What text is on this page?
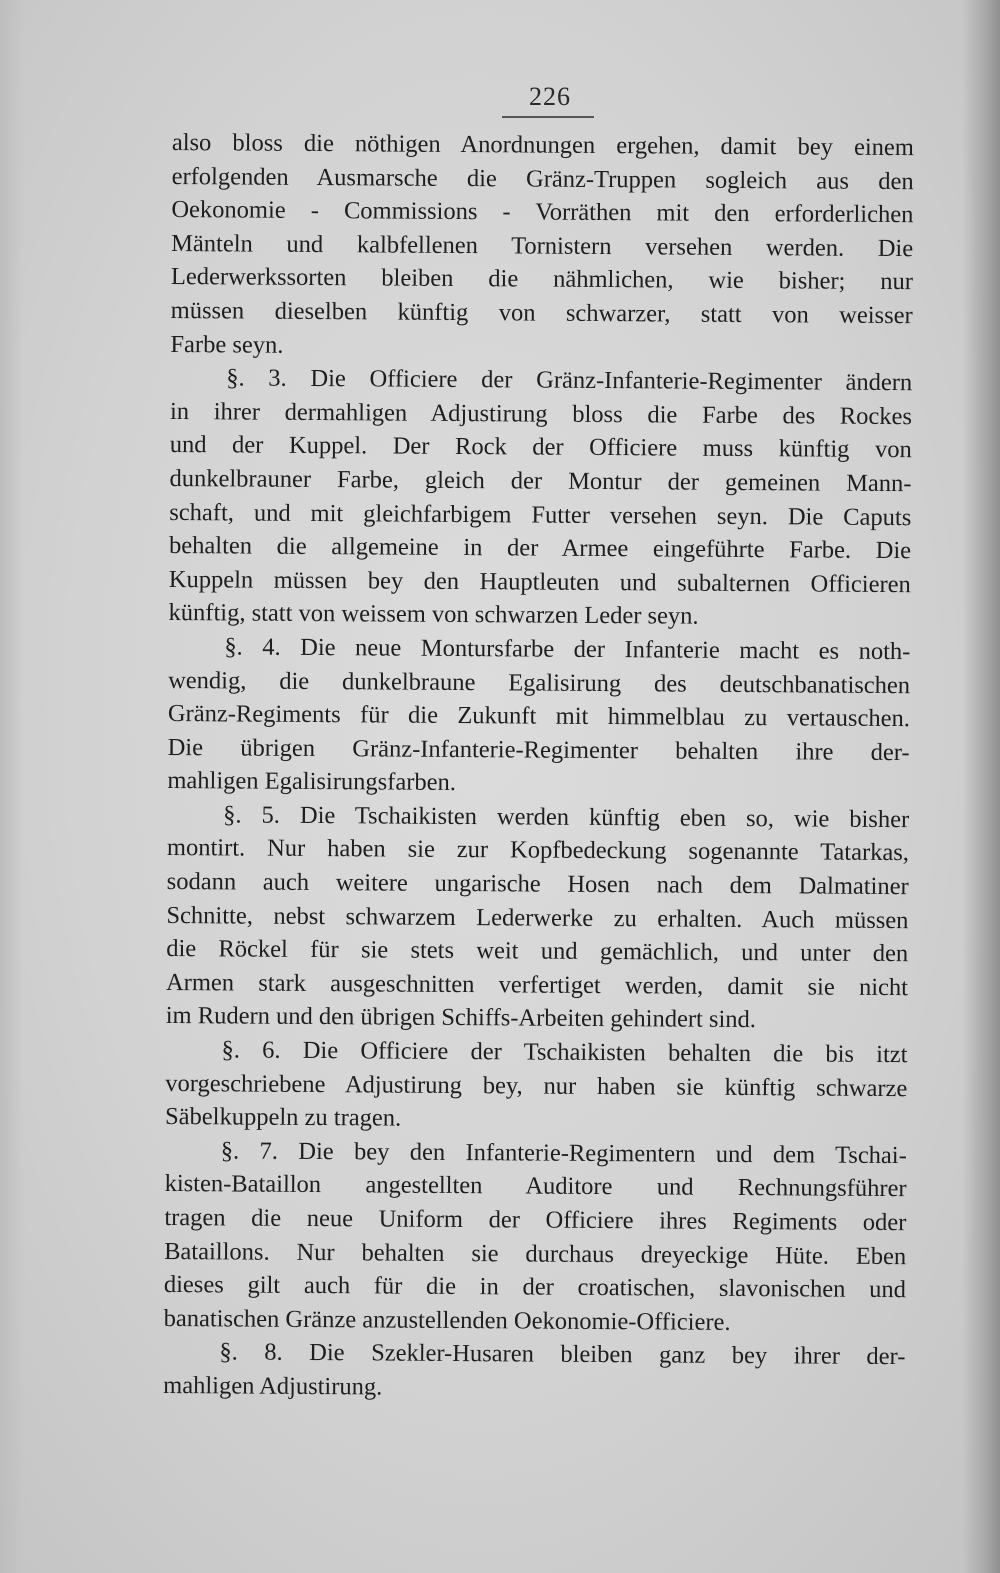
226
also bloss die nöthigen Anordnungen ergehen, damit bey einem
erfolgenden Ausmarsche die Gränz-Truppen sogleich aus den
Oekonomie - Commissions - Vorräthen mit den erforderlichen
Mänteln und kalbfellenen Tornistern versehen werden. Die
Lederwerkssorten bleiben die nähmlichen, wie bisher; nur
müssen dieselben künftig von schwarzer, statt von weisser
Farbe seyn.
§. 3. Die Officiere der Gränz-Infanterie-Regimenter ändern
in ihrer dermahligen Adjustirung bloss die Farbe des Rockes
und der Kuppel. Der Rock der Officiere muss künftig von
dunkelbrauner Farbe, gleich der Montur der gemeinen Mann-
schaft, und mit gleichfarbigem Futter versehen seyn. Die Caputs
behalten die allgemeine in der Armee eingeführte Farbe. Die
Kuppeln müssen bey den Hauptleuten und subalternen Officieren
künftig, statt von weissem von schwarzen Leder seyn.
§. 4. Die neue Montursfarbe der Infanterie macht es noth-
wendig, die dunkelbraune Egalisirung des deutschbanatischen
Gränz-Regiments für die Zukunft mit himmelblau zu vertauschen.
Die übrigen Gränz-Infanterie-Regimenter behalten ihre der-
mahligen Egalisirungsfarben.
§. 5. Die Tschaikisten werden künftig eben so, wie bisher
montirt. Nur haben sie zur Kopfbedeckung sogenannte Tatarkas,
sodann auch weitere ungarische Hosen nach dem Dalmatiner
Schnitte, nebst schwarzem Lederwerke zu erhalten. Auch müssen
die Röckel für sie stets weit und gemächlich, und unter den
Armen stark ausgeschnitten verfertiget werden, damit sie nicht
im Rudern und den übrigen Schiffs-Arbeiten gehindert sind.
§. 6. Die Officiere der Tschaikisten behalten die bis itzt
vorgeschriebene Adjustirung bey, nur haben sie künftig schwarze
Säbelkuppeln zu tragen.
§. 7. Die bey den Infanterie-Regimentern und dem Tschai-
kisten-Bataillon angestellten Auditore und Rechnungsführer
tragen die neue Uniform der Officiere ihres Regiments oder
Bataillons. Nur behalten sie durchaus dreyeckige Hüte. Eben
dieses gilt auch für die in der croatischen, slavonischen und
banatischen Gränze anzustellenden Oekonomie-Officiere.
§. 8. Die Szekler-Husaren bleiben ganz bey ihrer der-
mahligen Adjustirung.
